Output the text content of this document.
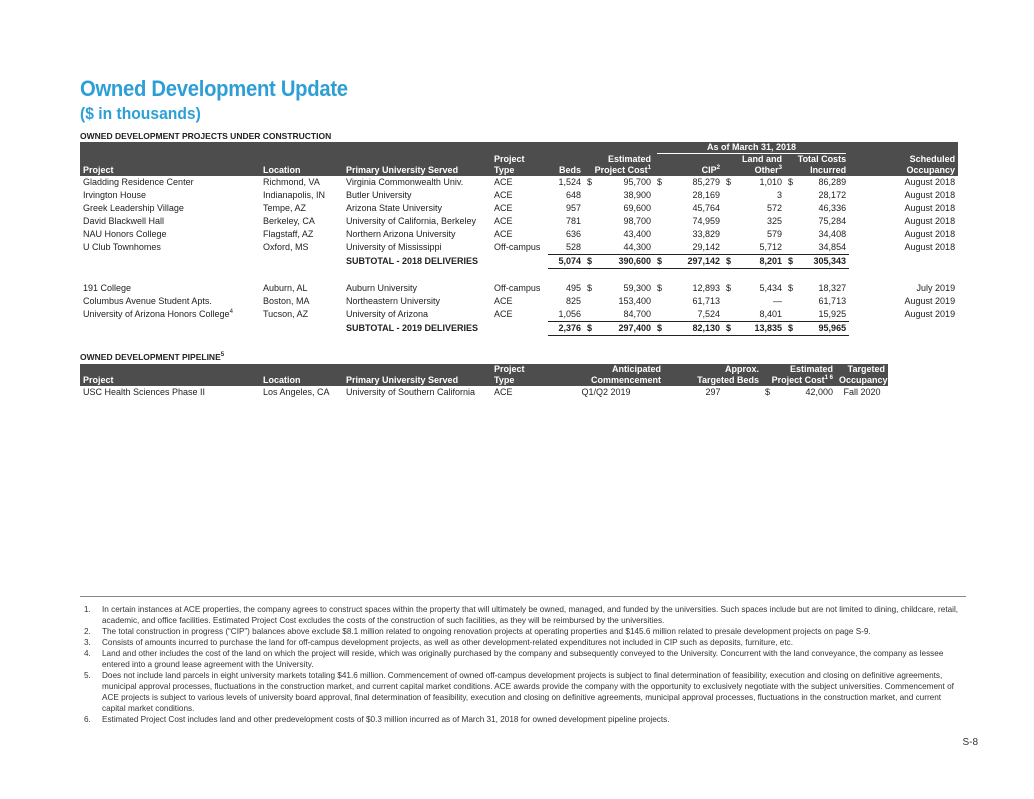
Owned Development Update
($ in thousands)
OWNED DEVELOPMENT PROJECTS UNDER CONSTRUCTION

							As of March 31, 2018						

			Project		Estimated				Land and		Total Costs		Scheduled
Project	Location	Primary University Served	Type	Beds	Project Cost$^1$		CIP$^2$		Other$^3$		Incurred		Occupancy
Gladding Residence Center	Richmond, VA	Virginia Commonwealth Univ.	ACE	1,524	$	95,700	$	85,279	$	1,010	$	86,289	August 2018
Irvington House	Indianapolis, IN	Butler University	ACE	648		38,900		28,169		3		28,172	August 2018
Greek Leadership Village	Tempe, AZ	Arizona State University	ACE	957		69,600		45,764		572		46,336	August 2018
David Blackwell Hall	Berkeley, CA	University of California, Berkeley	ACE	781		98,700		74,959		325		75,284	August 2018
NAU Honors College	Flagstaff, AZ	Northern Arizona University	ACE	636		43,400		33,829		579		34,408	August 2018
U Club Townhomes	Oxford, MS	University of Mississippi	Off-campus	528		44,300		29,142		5,712		34,854	August 2018
		SUBTOTAL - 2018 DELIVERIES		5,074	$	390,600	$	297,142	$	8,201	$	305,343	

191 College	Auburn, AL	Auburn University	Off-campus	495	$	59,300	$	12,893	$	5,434	$	18,327	July 2019
Columbus Avenue Student Apts.	Boston, MA	Northeastern University	ACE	825		153,400		61,713		—		61,713	August 2019
University of Arizona Honors College$^4$	Tucson, AZ	University of Arizona	ACE	1,056		84,700		7,524		8,401		15,925	August 2019
		SUBTOTAL - 2019 DELIVERIES		2,376	$	297,400	$	82,130	$	13,835	$	95,965	
OWNED DEVELOPMENT PIPELINE$^5$
			Project	Anticipated	Approx.	Estimated		Targeted
Project	Location	Primary University Served	Type	Commencement	Targeted Beds	Project Cost$^{1 6}$		Occupancy
USC Health Sciences Phase II	Los Angeles, CA	University of Southern California	ACE	Q1/Q2 2019	297	$	42,000	Fall 2020
1.	In certain instances at ACE properties, the company agrees to construct spaces within the property that will ultimately be owned, managed, and funded by the universities. Such spaces include but are not limited to dining, childcare, retail, academic, and office facilities. Estimated Project Cost excludes the costs of the construction of such facilities, as they will be reimbursed by the universities.
2.	The total construction in progress (“CIP”) balances above exclude $8.1 million related to ongoing renovation projects at operating properties and $145.6 million related to presale development projects on page S-9.
3.	Consists of amounts incurred to purchase the land for off-campus development projects, as well as other development-related expenditures not included in CIP such as deposits, furniture, etc.
4.	Land and other includes the cost of the land on which the project will reside, which was originally purchased by the company and subsequently conveyed to the University. Concurrent with the land conveyance, the company as lessee entered into a ground lease agreement with the University.
5.	Does not include land parcels in eight university markets totaling $41.6 million. Commencement of owned off-campus development projects is subject to final determination of feasibility, execution and closing on definitive agreements, municipal approval processes, fluctuations in the construction market, and current capital market conditions. ACE awards provide the company with the opportunity to exclusively negotiate with the subject universities. Commencement of ACE projects is subject to various levels of university board approval, final determination of feasibility, execution and closing on definitive agreements, municipal approval processes, fluctuations in the construction market, and current capital market conditions.
6.	Estimated Project Cost includes land and other predevelopment costs of $0.3 million incurred as of March 31, 2018 for owned development pipeline projects.
S-8
